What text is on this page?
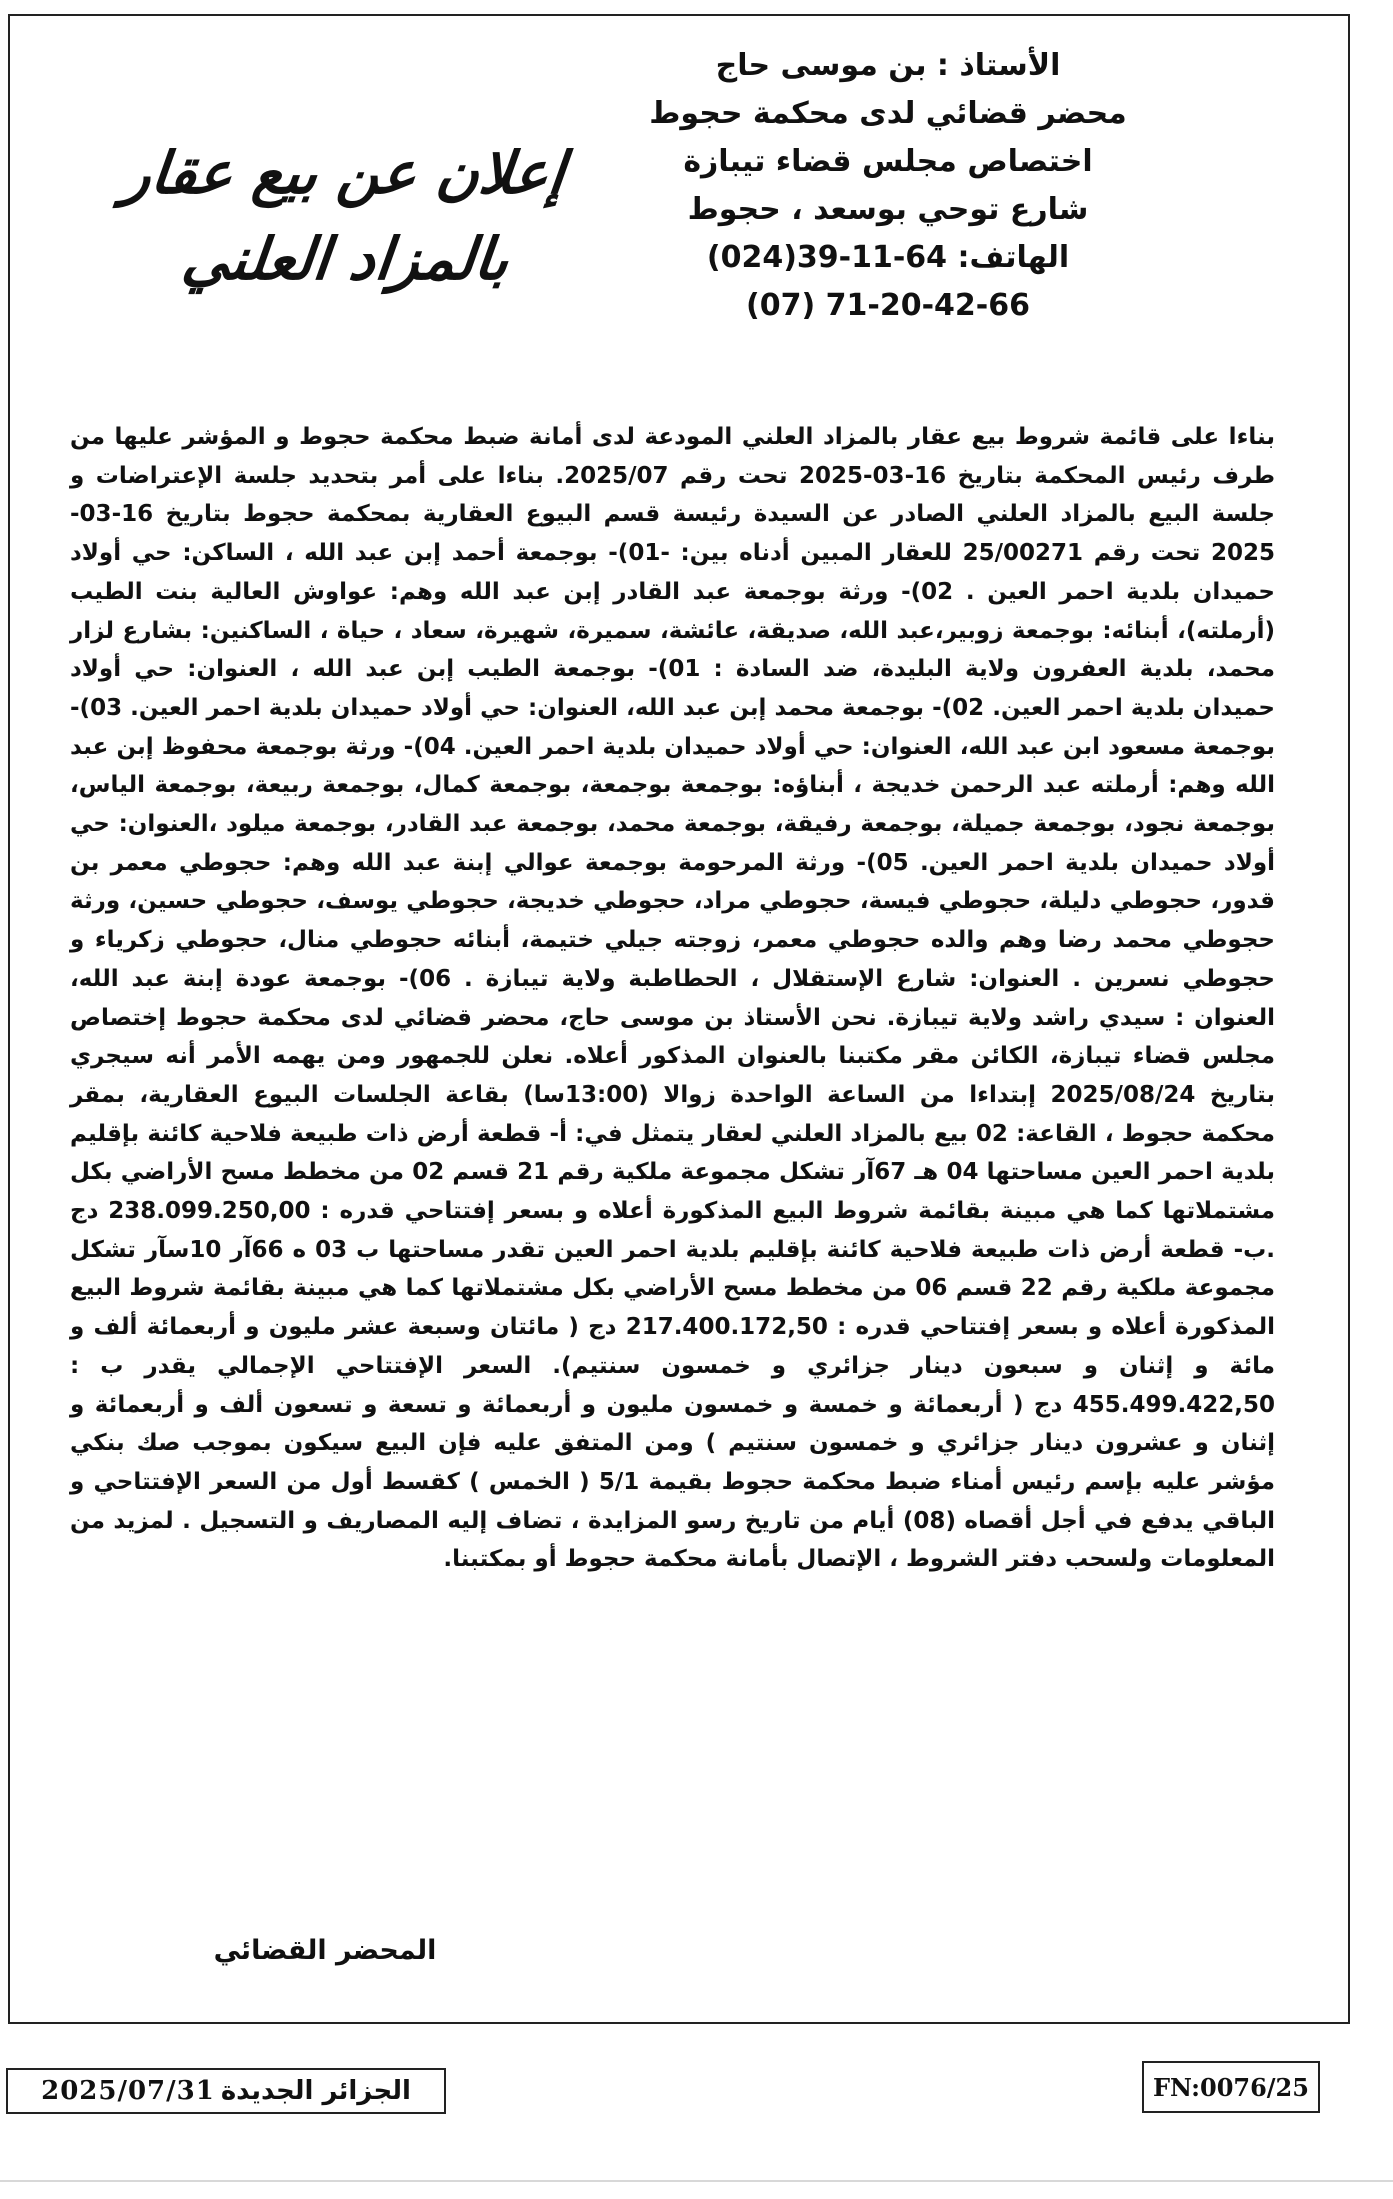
الأستاذ : بن موسى حاج
محضر قضائي لدى محكمة حجوط
اختصاص مجلس قضاء تيبازة
شارع توحي بوسعد ، حجوط
الهاتف: (024)39-11-64
(07) 71-20-42-66
إعلان عن بيع عقار
بالمزاد العلني

بناءا على قائمة شروط بيع عقار بالمزاد العلني المودعة لدى أمانة ضبط محكمة حجوط و المؤشر عليها من طرف رئيس المحكمة بتاريخ 16-03-2025 تحت رقم 2025/07. بناءا على أمر بتحديد جلسة الإعتراضات و جلسة البيع بالمزاد العلني الصادر عن السيدة رئيسة قسم البيوع العقارية بمحكمة حجوط بتاريخ 16-03-2025 تحت رقم 25/00271 للعقار المبين أدناه بين: -01)- بوجمعة أحمد إبن عبد الله ، الساكن: حي أولاد حميدان بلدية احمر العين . 02)- ورثة بوجمعة عبد القادر إبن عبد الله وهم: عواوش العالية بنت الطيب (أرملته)، أبنائه: بوجمعة زوبير،عبد الله، صديقة، عائشة، سميرة، شهيرة، سعاد ، حياة ، الساكنين: بشارع لزار محمد، بلدية العفرون ولاية البليدة، ضد السادة : 01)- بوجمعة الطيب إبن عبد الله ، العنوان: حي أولاد حميدان بلدية احمر العين. 02)- بوجمعة محمد إبن عبد الله، العنوان: حي أولاد حميدان بلدية احمر العين. 03)- بوجمعة مسعود ابن عبد الله، العنوان: حي أولاد حميدان بلدية احمر العين. 04)- ورثة بوجمعة محفوظ إبن عبد الله وهم: أرملته عبد الرحمن خديجة ، أبناؤه: بوجمعة بوجمعة، بوجمعة كمال، بوجمعة ربيعة، بوجمعة الياس، بوجمعة نجود، بوجمعة جميلة، بوجمعة رفيقة، بوجمعة محمد، بوجمعة عبد القادر، بوجمعة ميلود ،العنوان: حي أولاد حميدان بلدية احمر العين. 05)- ورثة المرحومة بوجمعة عوالي إبنة عبد الله وهم: حجوطي معمر بن قدور، حجوطي دليلة، حجوطي فيسة، حجوطي مراد، حجوطي خديجة، حجوطي يوسف، حجوطي حسين، ورثة حجوطي محمد رضا وهم والده حجوطي معمر، زوجته جيلي ختيمة، أبنائه حجوطي منال، حجوطي زكرياء و حجوطي نسرين . العنوان: شارع الإستقلال ، الحطاطبة ولاية تيبازة . 06)- بوجمعة عودة إبنة عبد الله، العنوان : سيدي راشد ولاية تيبازة. نحن الأستاذ بن موسى حاج، محضر قضائي لدى محكمة حجوط إختصاص مجلس قضاء تيبازة، الكائن مقر مكتبنا بالعنوان المذكور أعلاه. نعلن للجمهور ومن يهمه الأمر أنه سيجري بتاريخ 2025/08/24 إبتداءا من الساعة الواحدة زوالا (13:00سا) بقاعة الجلسات البيوع العقارية، بمقر محكمة حجوط ، القاعة: 02 بيع بالمزاد العلني لعقار يتمثل في: أ- قطعة أرض ذات طبيعة فلاحية كائنة بإقليم بلدية احمر العين مساحتها 04 هـ 67آر تشكل مجموعة ملكية رقم 21 قسم 02 من مخطط مسح الأراضي بكل مشتملاتها كما هي مبينة بقائمة شروط البيع المذكورة أعلاه و بسعر إفتتاحي قدره : 238.099.250,00 دج .ب- قطعة أرض ذات طبيعة فلاحية كائنة بإقليم بلدية احمر العين تقدر مساحتها ب 03 ه 66آر 10سآر تشكل مجموعة ملكية رقم 22 قسم 06 من مخطط مسح الأراضي بكل مشتملاتها كما هي مبينة بقائمة شروط البيع المذكورة أعلاه و بسعر إفتتاحي قدره : 217.400.172,50 دج ( مائتان وسبعة عشر مليون و أربعمائة ألف و مائة و إثنان و سبعون دينار جزائري و خمسون سنتيم). السعر الإفتتاحي الإجمالي يقدر ب : 455.499.422,50 دج ( أربعمائة و خمسة و خمسون مليون و أربعمائة و تسعة و تسعون ألف و أربعمائة و إثنان و عشرون دينار جزائري و خمسون سنتيم ) ومن المتفق عليه فإن البيع سيكون بموجب صك بنكي مؤشر عليه بإسم رئيس أمناء ضبط محكمة حجوط بقيمة 5/1 ( الخمس ) كقسط أول من السعر الإفتتاحي و الباقي يدفع في أجل أقصاه (08) أيام من تاريخ رسو المزايدة ، تضاف إليه المصاريف و التسجيل . لمزيد من المعلومات ولسحب دفتر الشروط ، الإتصال بأمانة محكمة حجوط أو بمكتبنا.

المحضر القضائي
الجزائر الجديدة
2025/07/31	FN:0076/25
